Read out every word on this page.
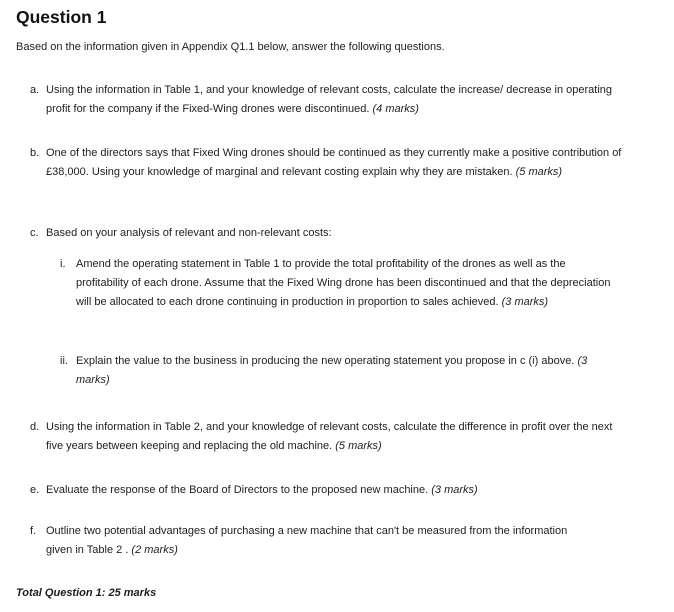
Question 1

Based on the information given in Appendix Q1.1 below, answer the following questions.

a. Using the information in Table 1, and your knowledge of relevant costs, calculate the increase/ decrease in operating profit for the company if the Fixed-Wing drones were discontinued. (4 marks)
b. One of the directors says that Fixed Wing drones should be continued as they currently make a positive contribution of £38,000. Using your knowledge of marginal and relevant costing explain why they are mistaken. (5 marks)
c. Based on your analysis of relevant and non-relevant costs:
i. Amend the operating statement in Table 1 to provide the total profitability of the drones as well as the profitability of each drone. Assume that the Fixed Wing drone has been discontinued and that the depreciation will be allocated to each drone continuing in production in proportion to sales achieved. (3 marks)
ii. Explain the value to the business in producing the new operating statement you propose in c (i) above. (3 marks)
d. Using the information in Table 2, and your knowledge of relevant costs, calculate the difference in profit over the next five years between keeping and replacing the old machine. (5 marks)
e. Evaluate the response of the Board of Directors to the proposed new machine. (3 marks)
f. Outline two potential advantages of purchasing a new machine that can't be measured from the information given in Table 2 . (2 marks)

Total Question 1: 25 marks
